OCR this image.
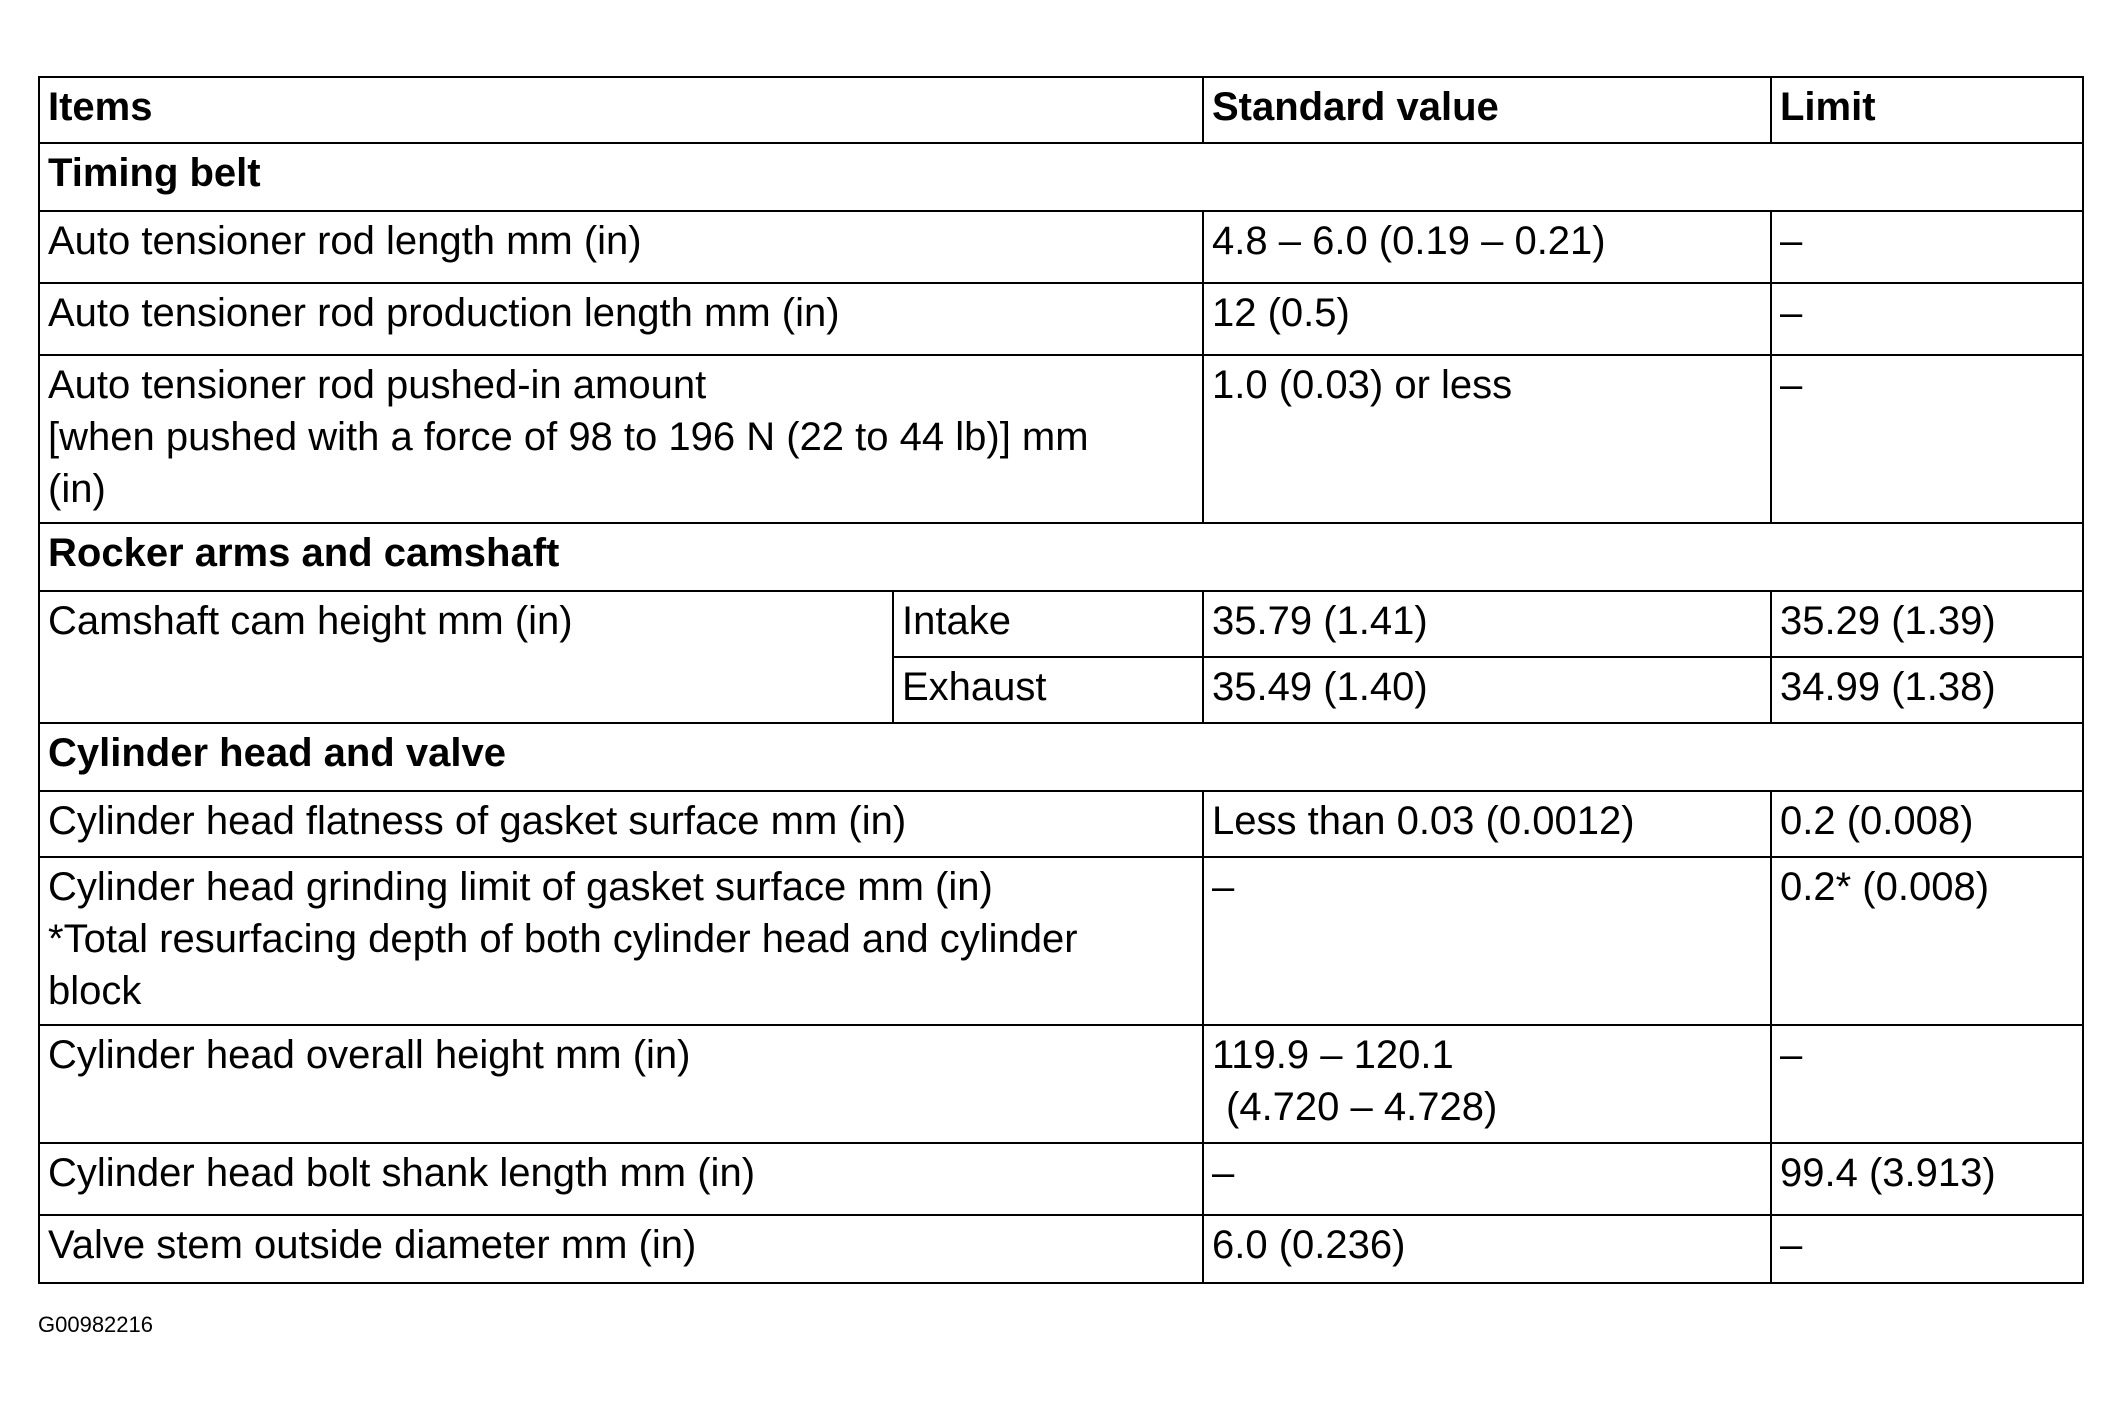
Items		Standard value	Limit
Timing belt			
Auto tensioner rod length mm (in)		4.8 – 6.0 (0.19 – 0.21)	–
Auto tensioner rod production length mm (in)		12 (0.5)	–

Auto tensioner rod pushed-in amount
[when pushed with a force of 98 to 196 N (22 to 44 lb)] mm
(in)		1.0 (0.03) or less	–
Rocker arms and camshaft			
Camshaft cam height mm (in)	Intake	35.79 (1.41)	35.29 (1.39)
	Exhaust	35.49 (1.40)	34.99 (1.38)
Cylinder head and valve			
Cylinder head flatness of gasket surface mm (in)		Less than 0.03 (0.0012)	0.2 (0.008)

Cylinder head grinding limit of gasket surface mm (in)
*Total resurfacing depth of both cylinder head and cylinder
block		–	0.2* (0.008)
Cylinder head overall height mm (in)		119.9 – 120.1
(4.720 – 4.728)	–
Cylinder head bolt shank length mm (in)		–	99.4 (3.913)
Valve stem outside diameter mm (in)		6.0 (0.236)	–
G00982216
